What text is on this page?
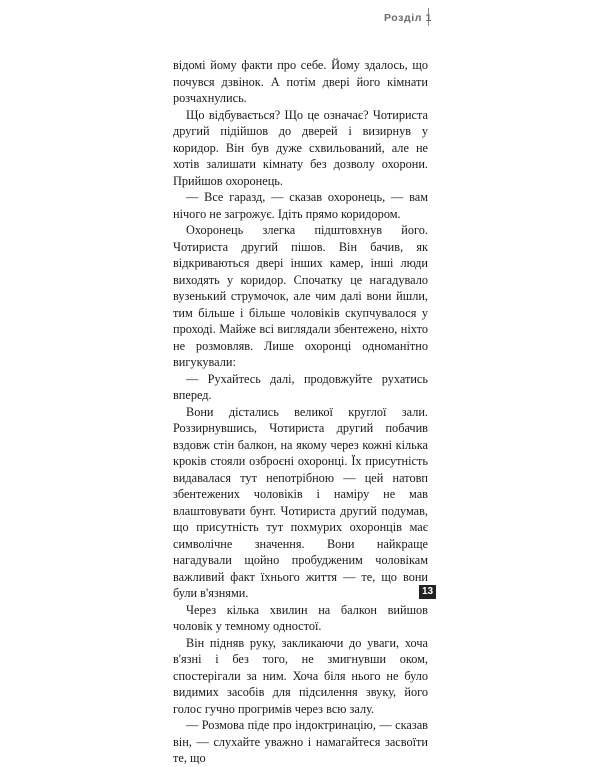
Розділ 1

відомі йому факти про себе. Йому здалось, що почувся дзвінок. А потім двері його кімнати розчахнулись.

Що відбувається? Що це означає? Чотириста другий підійшов до дверей і визирнув у коридор. Він був дуже схвильований, але не хотів залишати кімнату без дозволу охорони. Прийшов охоронець.

— Все гаразд, — сказав охоронець, — вам нічого не загрожує. Ідіть прямо коридором.

Охоронець злегка підштовхнув його. Чотириста другий пішов. Він бачив, як відкриваються двері інших камер, інші люди виходять у коридор. Спочатку це нагадувало вузенький струмочок, але чим далі вони йшли, тим більше і більше чоловіків скупчувалося у проході. Майже всі виглядали збентежено, ніхто не розмовляв. Лише охоронці одноманітно вигукували:

— Рухайтесь далі, продовжуйте рухатись вперед.

Вони дістались великої круглої зали. Роззирнувшись, Чотириста другий побачив вздовж стін балкон, на якому через кожні кілька кроків стояли озброєні охоронці. Їх присутність видавалася тут непотрібною — цей натовп збентежених чоловіків і наміру не мав влаштовувати бунт. Чотириста другий подумав, що присутність тут похмурих охоронців має символічне значення. Вони найкраще нагадували щойно пробудженим чоловікам важливий факт їхнього життя — те, що вони були в'язнями.

Через кілька хвилин на балкон вийшов чоловік у темному одностої.

Він підняв руку, закликаючи до уваги, хоча в'язні і без того, не змигнувши оком, спостерігали за ним. Хоча біля нього не було видимих засобів для підсилення звуку, його голос гучно прогримів через всю залу.

— Розмова піде про індоктринацію, — сказав він, — слухайте уважно і намагайтеся засвоїти те, що

13
